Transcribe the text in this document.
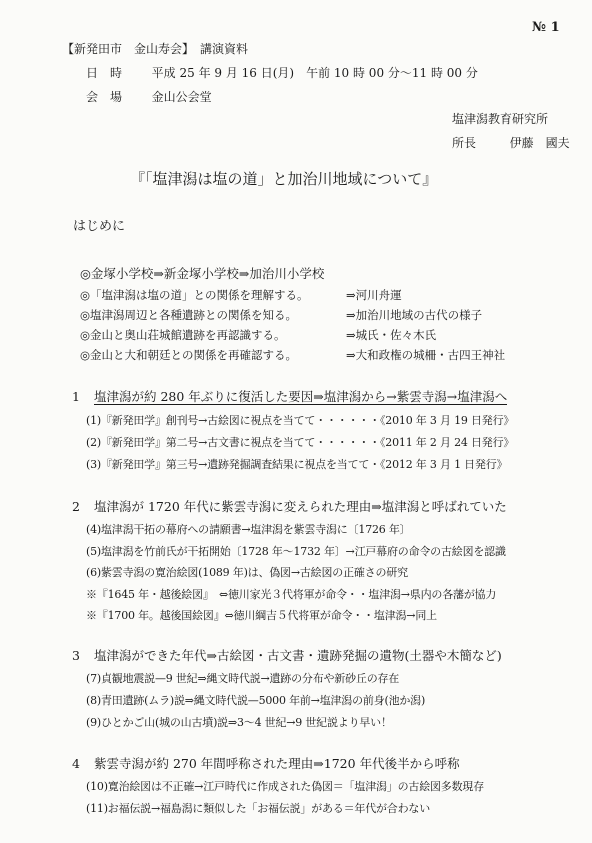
№ 1
【新発田市　金山寿会】　講演資料
日　時 平成 25 年 9 月 16 日(月)　午前 10 時 00 分～11 時 00 分
会　場 金山公会堂
塩津潟教育研究所
所長	伊藤　國夫
『「塩津潟は塩の道」と加治川地域について』
はじめに
◎金塚小学校⇒新金塚小学校⇒加治川小学校
◎「塩津潟は塩の道」との関係を理解する。	⇒河川舟運
◎塩津潟周辺と各種遺跡との関係を知る。	⇒加治川地域の古代の様子
◎金山と奥山荘城館遺跡を再認識する。	⇒城氏・佐々木氏
◎金山と大和朝廷との関係を再確認する。	⇒大和政権の城柵・古四王神社
1 塩津潟が約 280 年ぶりに復活した要因⇒塩津潟から→紫雲寺潟→塩津潟へ
(1)『新発田学』創刊号→古絵図に視点を当てて・・・・・・《2010 年 3 月 19 日発行》
(2)『新発田学』第二号→古文書に視点を当てて・・・・・・《2011 年 2 月 24 日発行》
(3)『新発田学』第三号→遺跡発掘調査結果に視点を当てて・《2012 年 3 月 1 日発行》
2 塩津潟が 1720 年代に紫雲寺潟に変えられた理由⇒塩津潟と呼ばれていた
(4)塩津潟干拓の幕府への請願書→塩津潟を紫雲寺潟に〔1726 年〕
(5)塩津潟を竹前氏が干拓開始〔1728 年～1732 年〕→江戸幕府の命令の古絵図を認識
(6)紫雲寺潟の寛治絵図(1089 年)は、偽図→古絵図の正確さの研究
※『1645 年・越後絵図』　⇔徳川家光３代将軍が命令・・塩津潟→県内の各藩が協力
※『1700 年。越後国絵図』⇔徳川綱吉５代将軍が命令・・塩津潟→同上
3 塩津潟ができた年代⇒古絵図・古文書・遺跡発掘の遺物(土器や木簡など)
(7)貞観地震説—9 世紀⇒縄文時代説→遺跡の分布や新砂丘の存在
(8)青田遺跡(ムラ)説⇒縄文時代説—5000 年前→塩津潟の前身(池か潟)
(9)ひとかご山(城の山古墳)説⇒3～4 世紀→9 世紀説より早い！
4 紫雲寺潟が約 270 年間呼称された理由⇒1720 年代後半から呼称
(10)寛治絵図は不正確→江戸時代に作成された偽図＝「塩津潟」の古絵図多数現存
(11)お福伝説→福島潟に類似した「お福伝説」がある＝年代が合わない
